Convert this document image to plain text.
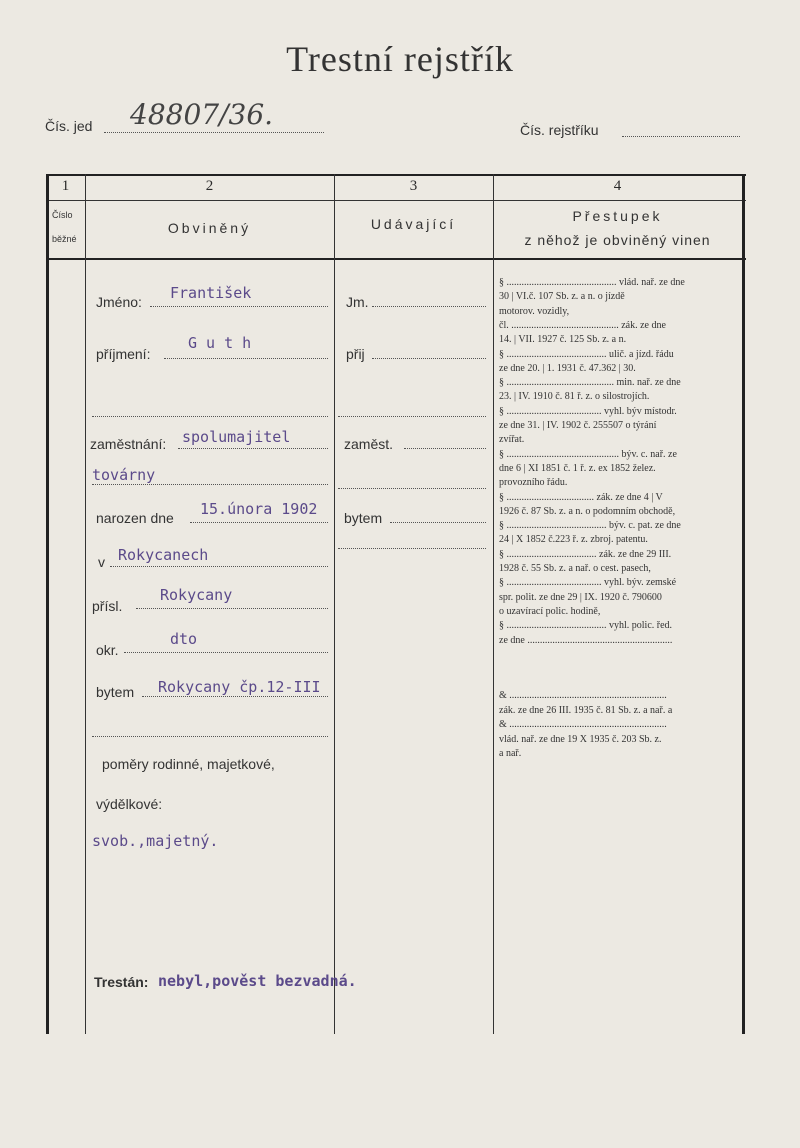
Trestní rejstřík
Čís. jed 48807/36.	Čís. rejstříku
1	2	3	4
Číslo
běžné
Obviněný	Udávající	Přestupek
z něhož je obviněný vinen
Jméno: František
příjmení:
G u t h
zaměstnání: spolumajitel
továrny
narozen dne 15.února 1902
v Rokycanech
přísl.
Rokycany
okr.
dto
bytem Rokycany čp.12-III
poměry rodinné, majetkové,
výdělkové:
svob.,majetný.
Trestán: nebyl,pověst bezvadná.
Jm.
přij
zaměst.
bytem
§ ............................................ vlád. nař. ze dne
30 | VI.č. 107 Sb. z. a n. o jízdě
motorov. vozidly,
čl. ........................................... zák. ze dne
14. | VII. 1927 č. 125 Sb. z. a n.
§ ........................................ ulič. a jízd. řádu
ze dne 20. | 1. 1931 č. 47.362 | 30.
§ ........................................... min. nař. ze dne
23. | IV. 1910 č. 81 ř. z. o silostrojích.
§ ...................................... vyhl. býv místodr.
ze dne 31. | IV. 1902 č. 255507 o týrání
zvířat.
§ ............................................. býv. c. nař. ze
dne 6 | XI 1851 č. 1 ř. z. ex 1852 želez.
provozního řádu.
§ ................................... zák. ze dne 4 | V
1926 č. 87 Sb. z. a n. o podomním obchodě,
§ ........................................ býv. c. pat. ze dne
24 | X 1852 č.223 ř. z. zbroj. patentu.
§ .................................... zák. ze dne 29 III.
1928 č. 55 Sb. z. a nař. o cest. pasech,
§ ...................................... vyhl. býv. zemské
spr. polit. ze dne 29 | IX. 1920 č. 790600
o uzavírací polic. hodině,
§ ........................................ vyhl. polic. řed.
ze dne ..........................................................
& ...............................................................
zák. ze dne 26 III. 1935 č. 81 Sb. z. a nař. a
& ...............................................................
vlád. nař. ze dne 19 X 1935 č. 203 Sb. z.
a nař.
